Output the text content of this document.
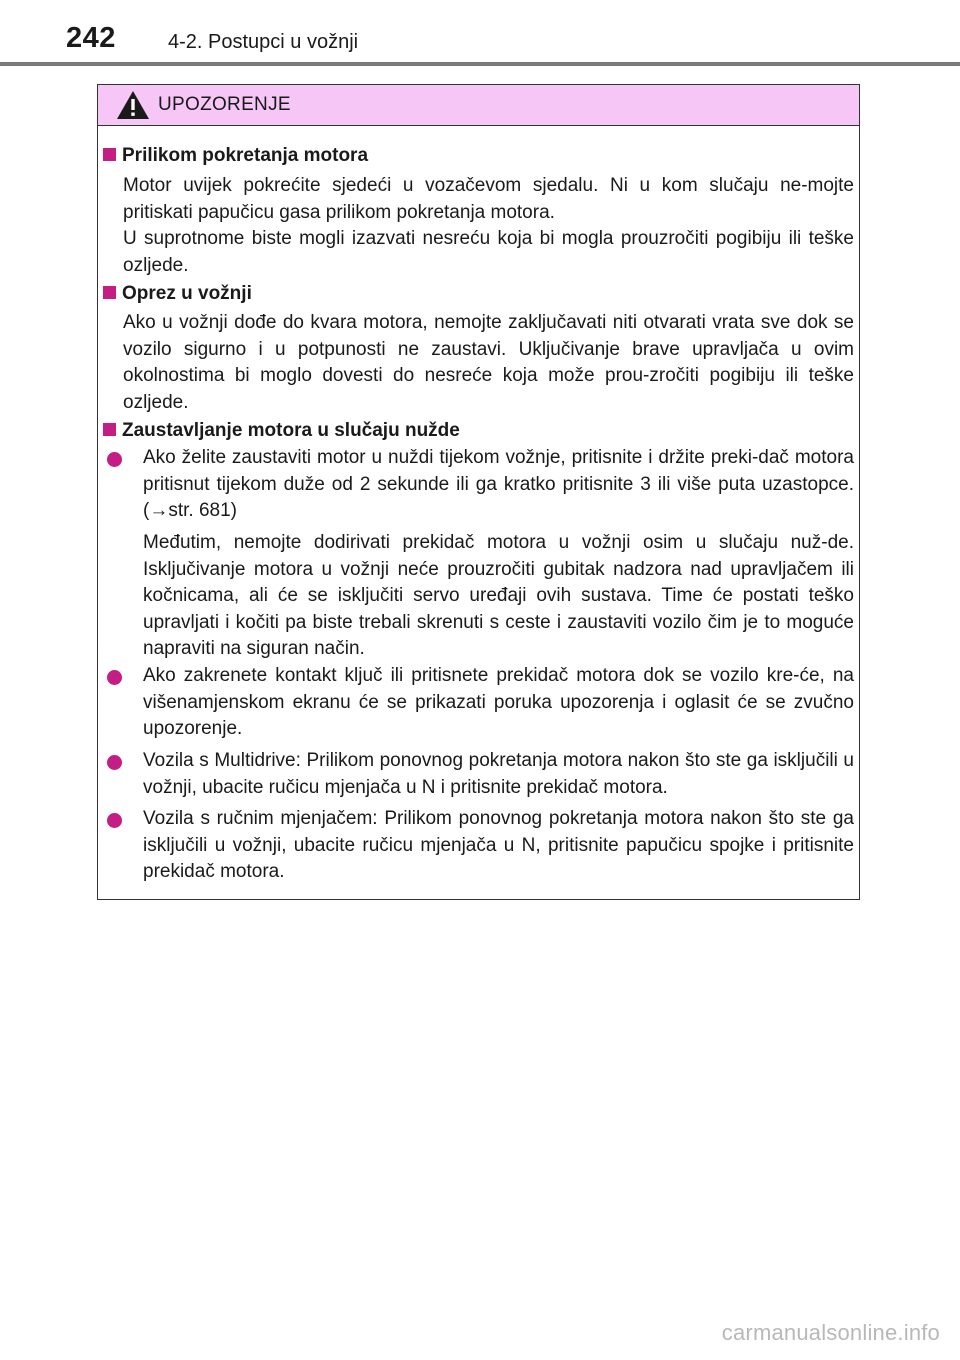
242	4-2. Postupci u vožnji
UPOZORENJE
Prilikom pokretanja motora
Motor uvijek pokrećite sjedeći u vozačevom sjedalu. Ni u kom slučaju ne-mojte pritiskati papučicu gasa prilikom pokretanja motora.
U suprotnome biste mogli izazvati nesreću koja bi mogla prouzročiti pogibiju ili teške ozljede.
Oprez u vožnji
Ako u vožnji dođe do kvara motora, nemojte zaključavati niti otvarati vrata sve dok se vozilo sigurno i u potpunosti ne zaustavi. Uključivanje brave upravljača u ovim okolnostima bi moglo dovesti do nesreće koja može prou-zročiti pogibiju ili teške ozljede.
Zaustavljanje motora u slučaju nužde
Ako želite zaustaviti motor u nuždi tijekom vožnje, pritisnite i držite preki-dač motora pritisnut tijekom duže od 2 sekunde ili ga kratko pritisnite 3 ili više puta uzastopce. (→str. 681)
Međutim, nemojte dodirivati prekidač motora u vožnji osim u slučaju nuž-de. Isključivanje motora u vožnji neće prouzročiti gubitak nadzora nad upravljačem ili kočnicama, ali će se isključiti servo uređaji ovih sustava. Time će postati teško upravljati i kočiti pa biste trebali skrenuti s ceste i zaustaviti vozilo čim je to moguće napraviti na siguran način.
Ako zakrenete kontakt ključ ili pritisnete prekidač motora dok se vozilo kre-će, na višenamjenskom ekranu će se prikazati poruka upozorenja i oglasit će se zvučno upozorenje.
Vozila s Multidrive: Prilikom ponovnog pokretanja motora nakon što ste ga isključili u vožnji, ubacite ručicu mjenjača u N i pritisnite prekidač motora.
Vozila s ručnim mjenjačem: Prilikom ponovnog pokretanja motora nakon što ste ga isključili u vožnji, ubacite ručicu mjenjača u N, pritisnite papučicu spojke i pritisnite prekidač motora.
carmanualsonline.info
